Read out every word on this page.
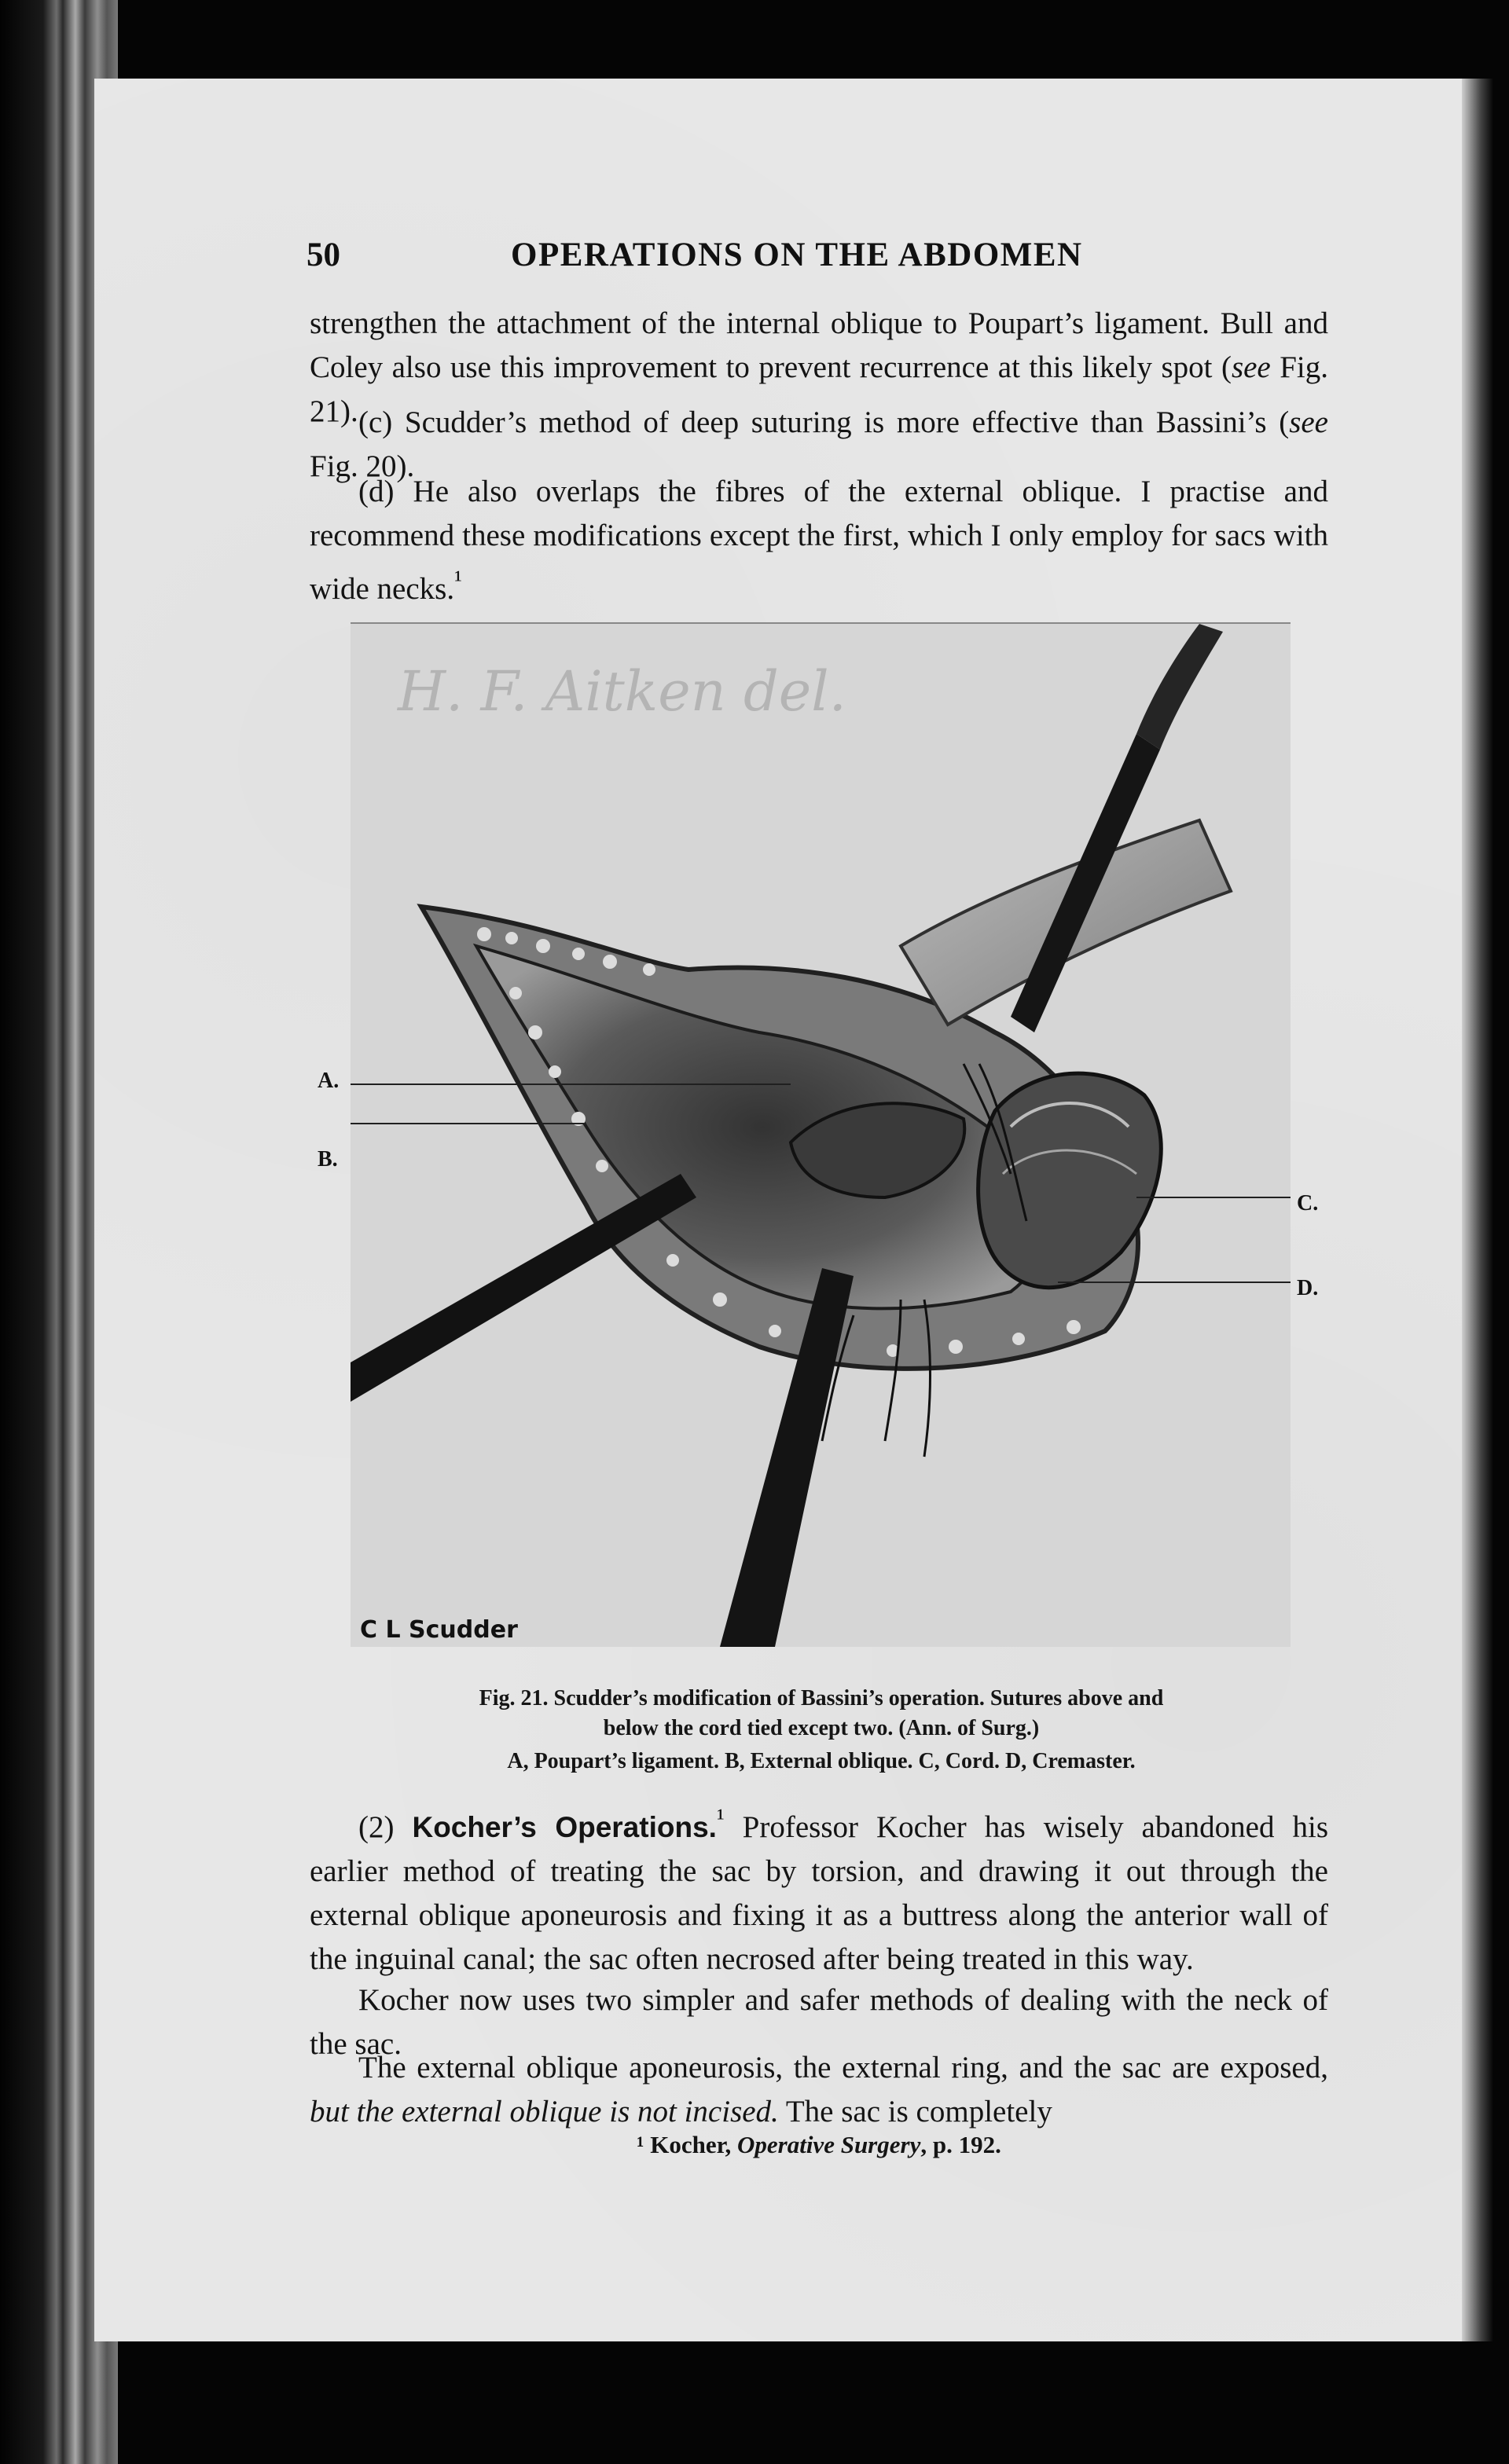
50	OPERATIONS ON THE ABDOMEN

strengthen the attachment of the internal oblique to Poupart’s ligament. Bull and Coley also use this improvement to prevent recurrence at this likely spot (see Fig. 21). (c) Scudder’s method of deep suturing is more effective than Bassini’s (see Fig. 20).

(d) He also overlaps the fibres of the external oblique. I practise and recommend these modifications except the first, which I only employ for sacs with wide necks.$^{^1}$

H. F. Aitken del.
C L Scudder
A.
B.
C.
D.
Fig. 21. Scudder’s modification of Bassini’s operation. Sutures above and
below the cord tied except two. (Ann. of Surg.)
A, Poupart’s ligament. B, External oblique. C, Cord. D, Cremaster.

(2) Kocher’s Operations.$^{^1}$ Professor Kocher has wisely abandoned his earlier method of treating the sac by torsion, and drawing it out through the external oblique aponeurosis and fixing it as a buttress along the anterior wall of the inguinal canal; the sac often necrosed after being treated in this way.

Kocher now uses two simpler and safer methods of dealing with the neck of the sac.

The external oblique aponeurosis, the external ring, and the sac are exposed, but the external oblique is not incised. The sac is completely

¹ Kocher, Operative Surgery, p. 192.
